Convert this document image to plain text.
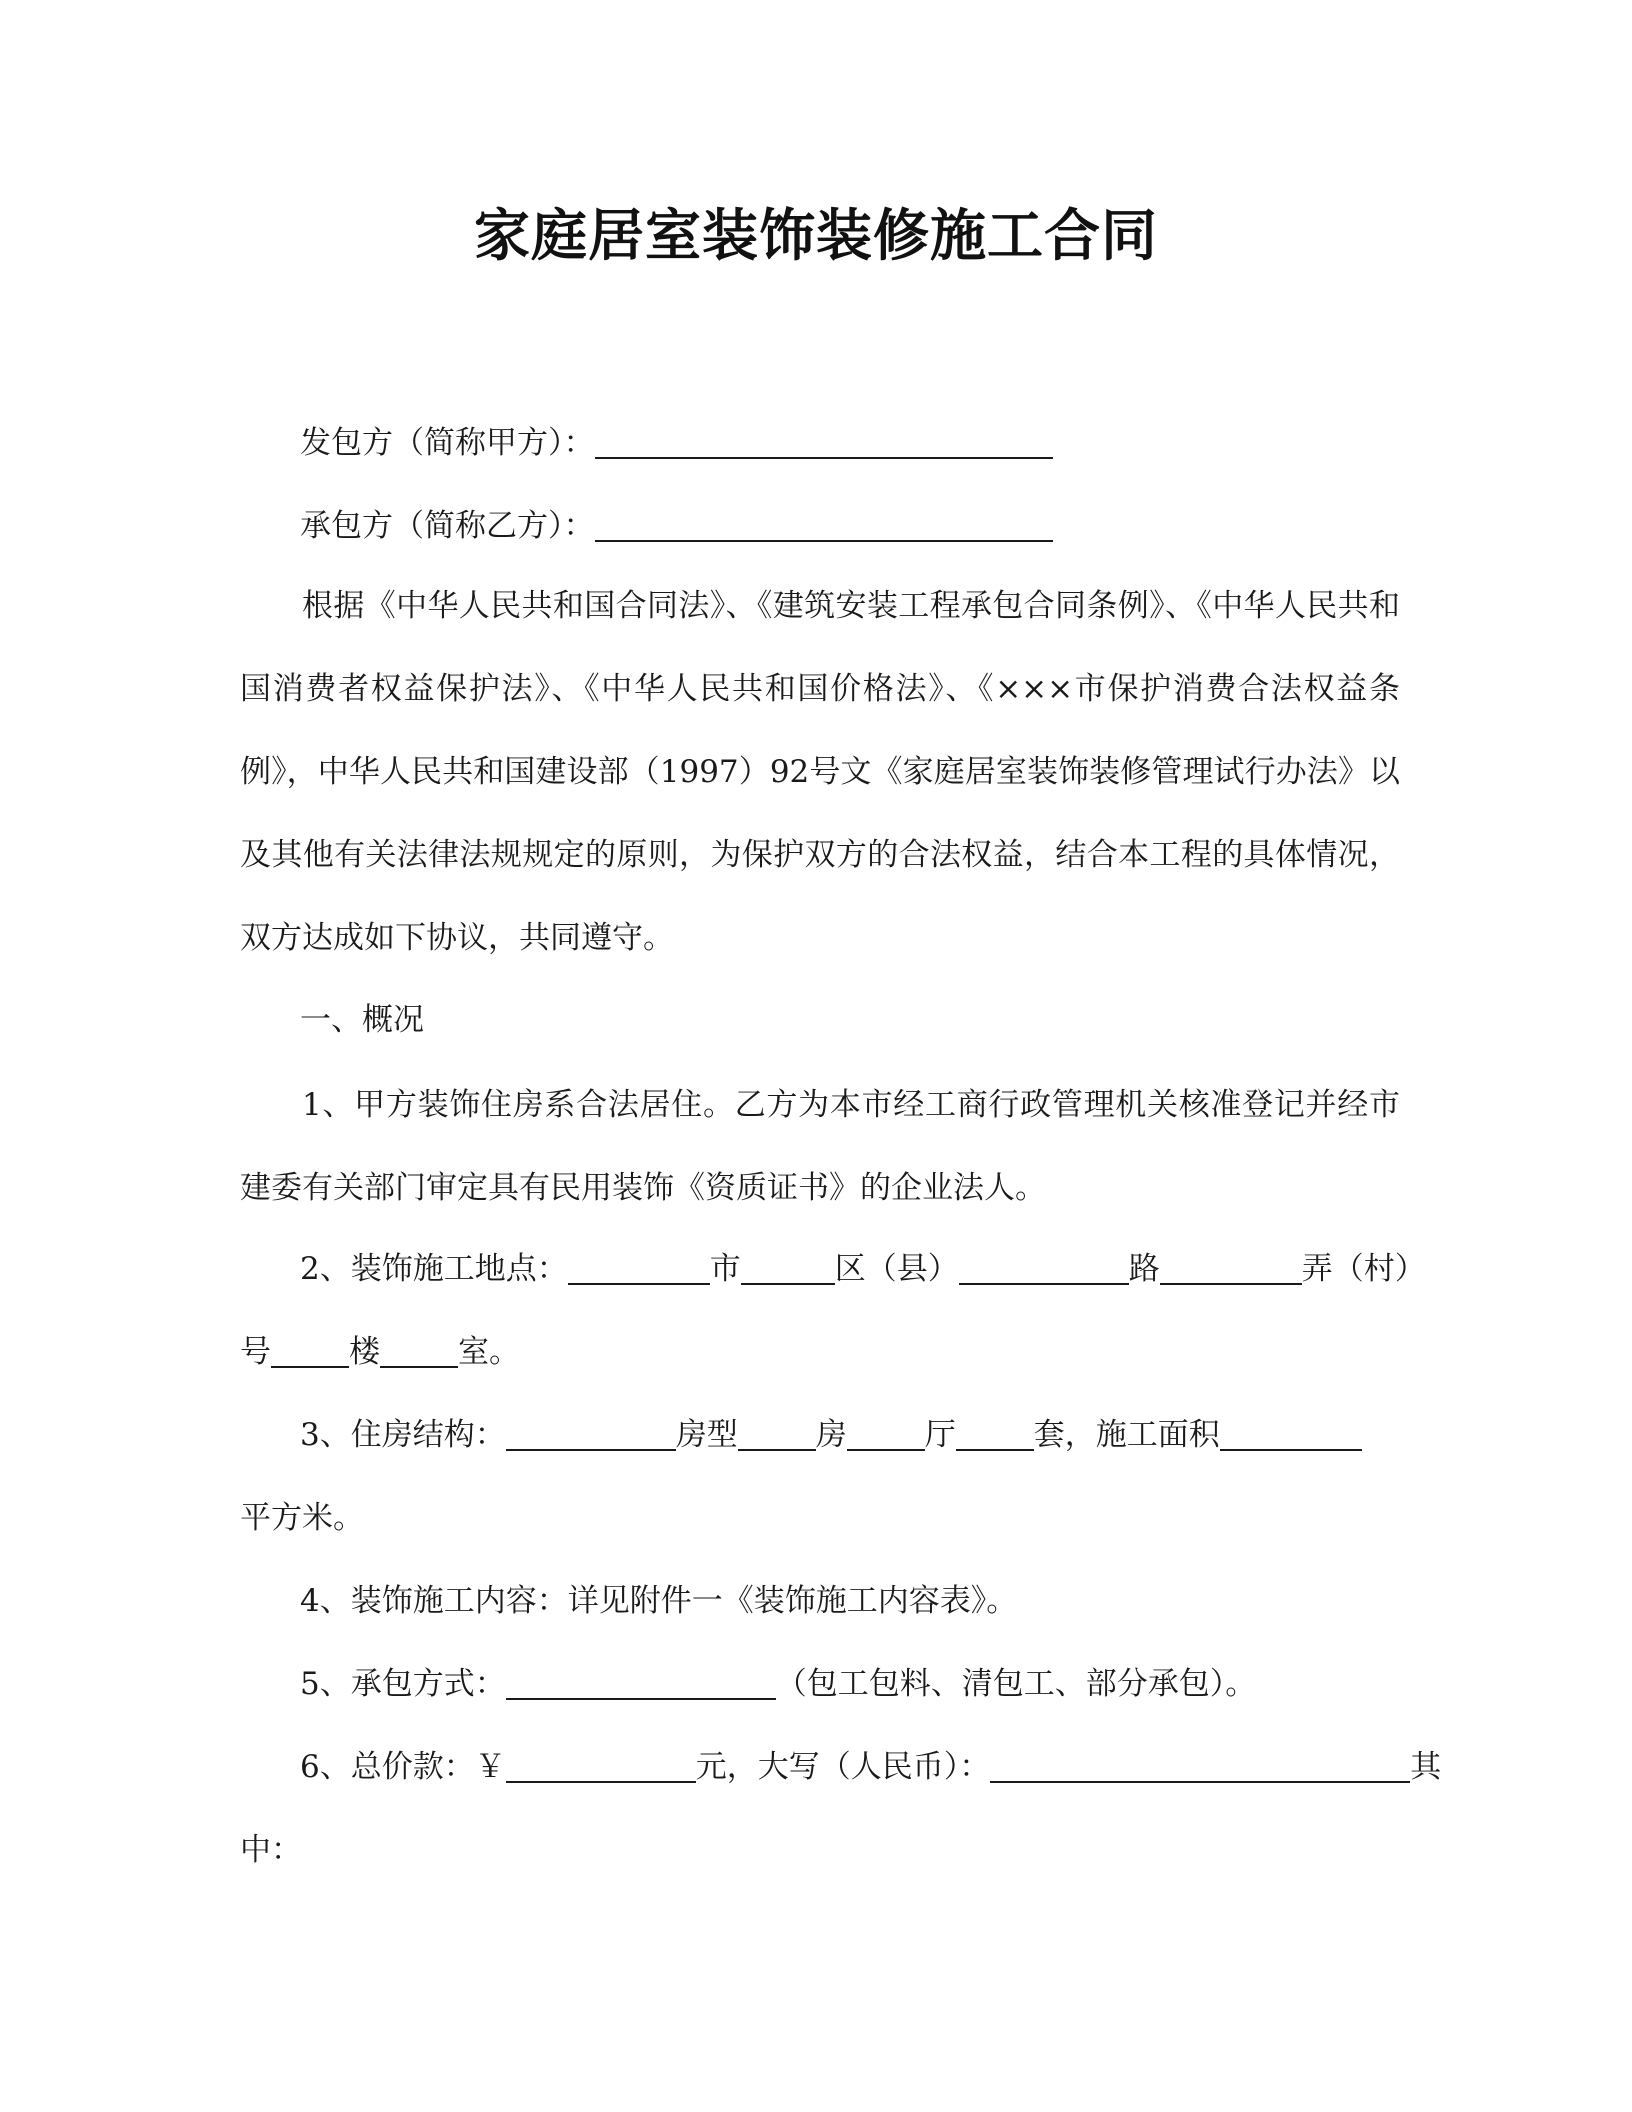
家庭居室装饰装修施工合同
发包方（简称甲方）：
承包方（简称乙方）：
根据《中华人民共和国合同法》、《建筑安装工程承包合同条例》、《中华人民共和国消费者权益保护法》、《中华人民共和国价格法》、《×××市保护消费合法权益条例》，中华人民共和国建设部（1997）92号文《家庭居室装饰装修管理试行办法》以及其他有关法律法规规定的原则，为保护双方的合法权益，结合本工程的具体情况，双方达成如下协议，共同遵守。
一、概况
1、甲方装饰住房系合法居住。乙方为本市经工商行政管理机关核准登记并经市建委有关部门审定具有民用装饰《资质证书》的企业法人。
2、装饰施工地点：	市	区（县）	路	弄（村）
号	楼	室。
3、住房结构：	房型	房	厅	套，施工面积
平方米。
4、装饰施工内容：详见附件一《装饰施工内容表》。
5、承包方式：	（包工包料、清包工、部分承包）。
6、总价款：￥	元，大写（人民币）：	其
中：
